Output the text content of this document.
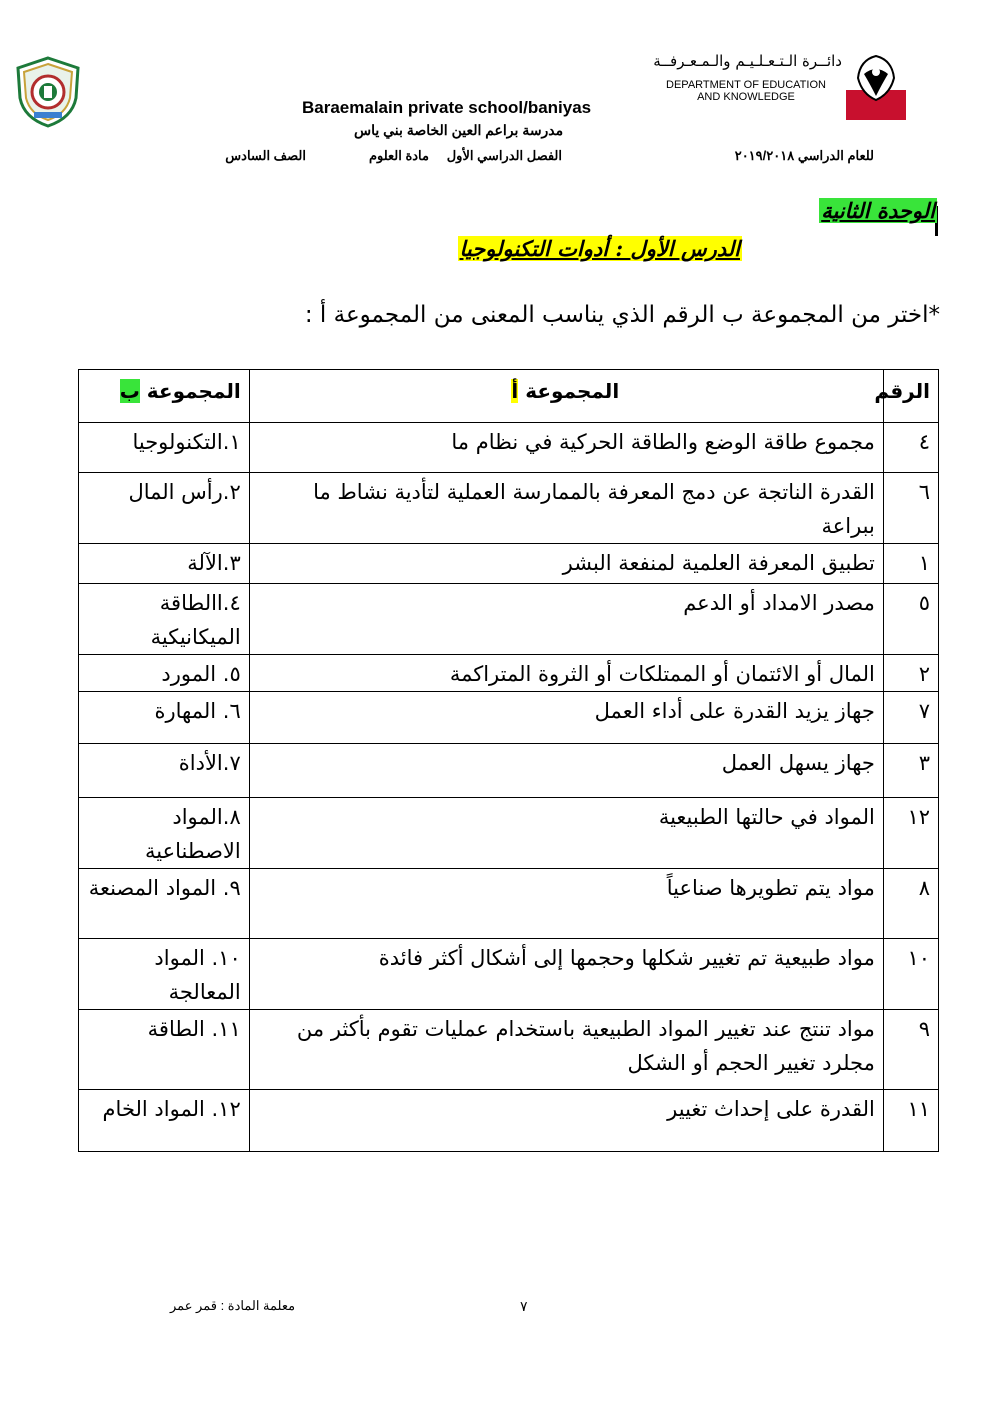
دائــرة الـتـعـلـيـم والـمـعـرفــة
DEPARTMENT OF EDUCATION
AND KNOWLEDGE
Baraemalain private school/baniyas
مدرسة براعم العين الخاصة بني ياس
للعام الدراسي ٢٠١٩/٢٠١٨
الفصل الدراسي الأول
مادة العلوم
الصف السادس
الوحدة الثانية
الدرس الأول : أدوات التكنولوجيا
*اختر من المجموعة ب الرقم الذي يناسب المعنى من المجموعة أ :
الرقم	المجموعة أ	المجموعة ب
٤	مجموع طاقة الوضع والطاقة الحركية في نظام ما	١.التكنولوجيا
٦	القدرة الناتجة عن دمج المعرفة بالممارسة العملية لتأدية نشاط ما ببراعة	٢.رأس المال
١	تطبيق المعرفة العلمية لمنفعة البشر	٣.الآلة
٥	مصدر الامداد أو الدعم	٤.االطاقة الميكانيكية
٢	المال أو الائتمان أو الممتلكات أو الثروة المتراكمة	٥. المورد
٧	جهاز يزيد القدرة على أداء العمل	٦. المهارة
٣	جهاز يسهل العمل	٧.الأداة
١٢	المواد في حالتها الطبيعية	٨.المواد الاصطناعية
٨	مواد يتم تطويرها صناعياً	٩. المواد المصنعة
١٠	مواد طبيعية تم تغيير شكلها وحجمها إلى أشكال أكثر فائدة	١٠. المواد المعالجة
٩	مواد تنتج عند تغيير المواد الطبيعية باستخدام عمليات تقوم بأكثر من مجلرد تغيير الحجم أو الشكل	١١. الطاقة
١١	القدرة على إحداث تغيير	١٢. المواد الخام
معلمة المادة : قمر عمر	٧
